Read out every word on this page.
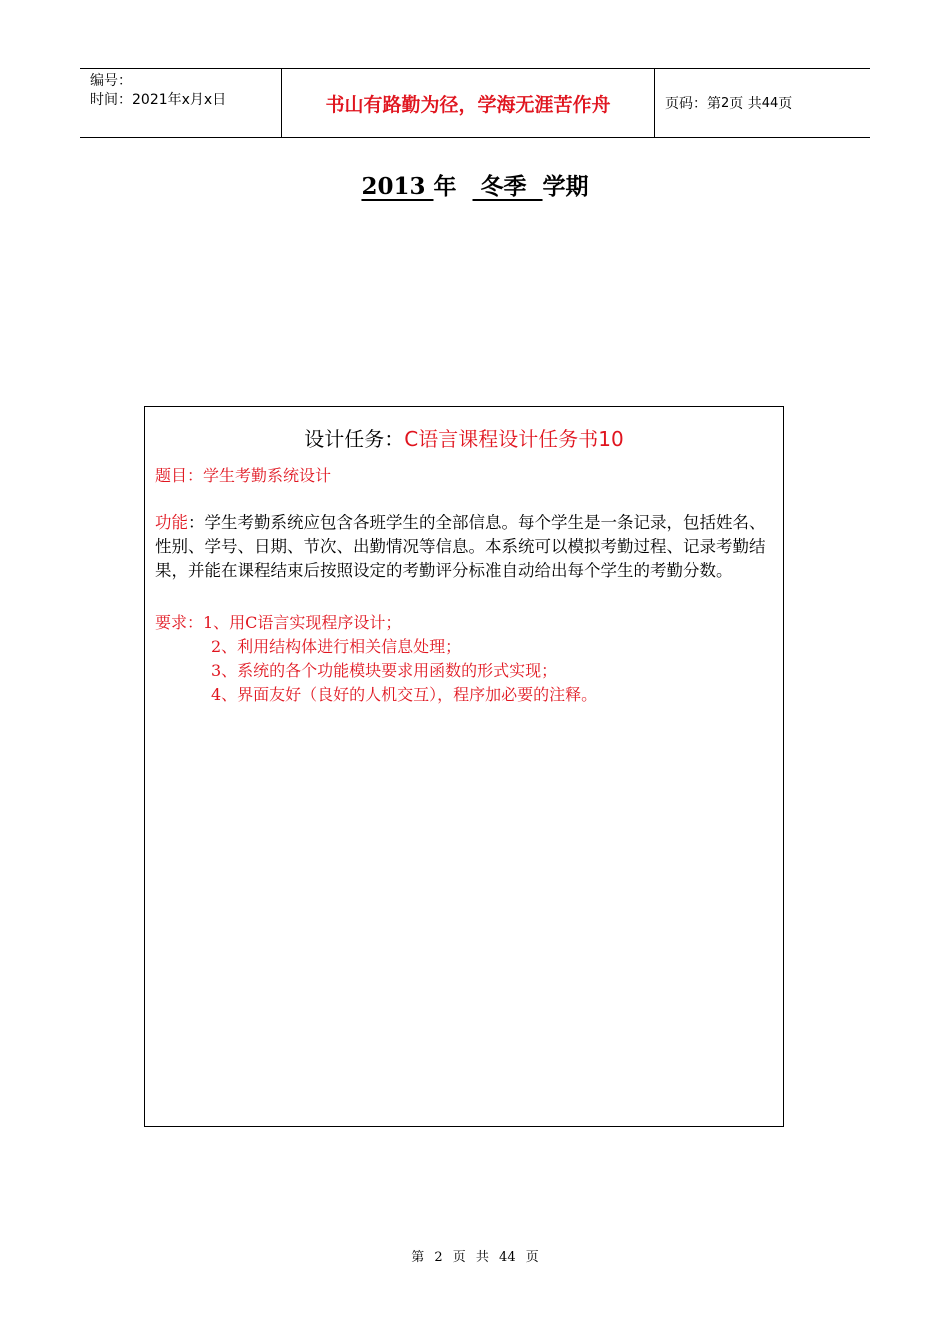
编号：
时间：2021年x月x日	书山有路勤为径，学海无涯苦作舟	页码：第 2 页 共 44 页
2013 年   冬季  学期
设计任务：C语言课程设计任务书10
题目：学生考勤系统设计
功能：学生考勤系统应包含各班学生的全部信息。每个学生是一条记录，包括姓名、性别、学号、日期、节次、出勤情况等信息。本系统可以模拟考勤过程、记录考勤结果，并能在课程结束后按照设定的考勤评分标准自动给出每个学生的考勤分数。
要求：1、用C语言实现程序设计；
2、利用结构体进行相关信息处理；
3、系统的各个功能模块要求用函数的形式实现；
4、界面友好（良好的人机交互），程序加必要的注释。
第 2 页 共 44 页
